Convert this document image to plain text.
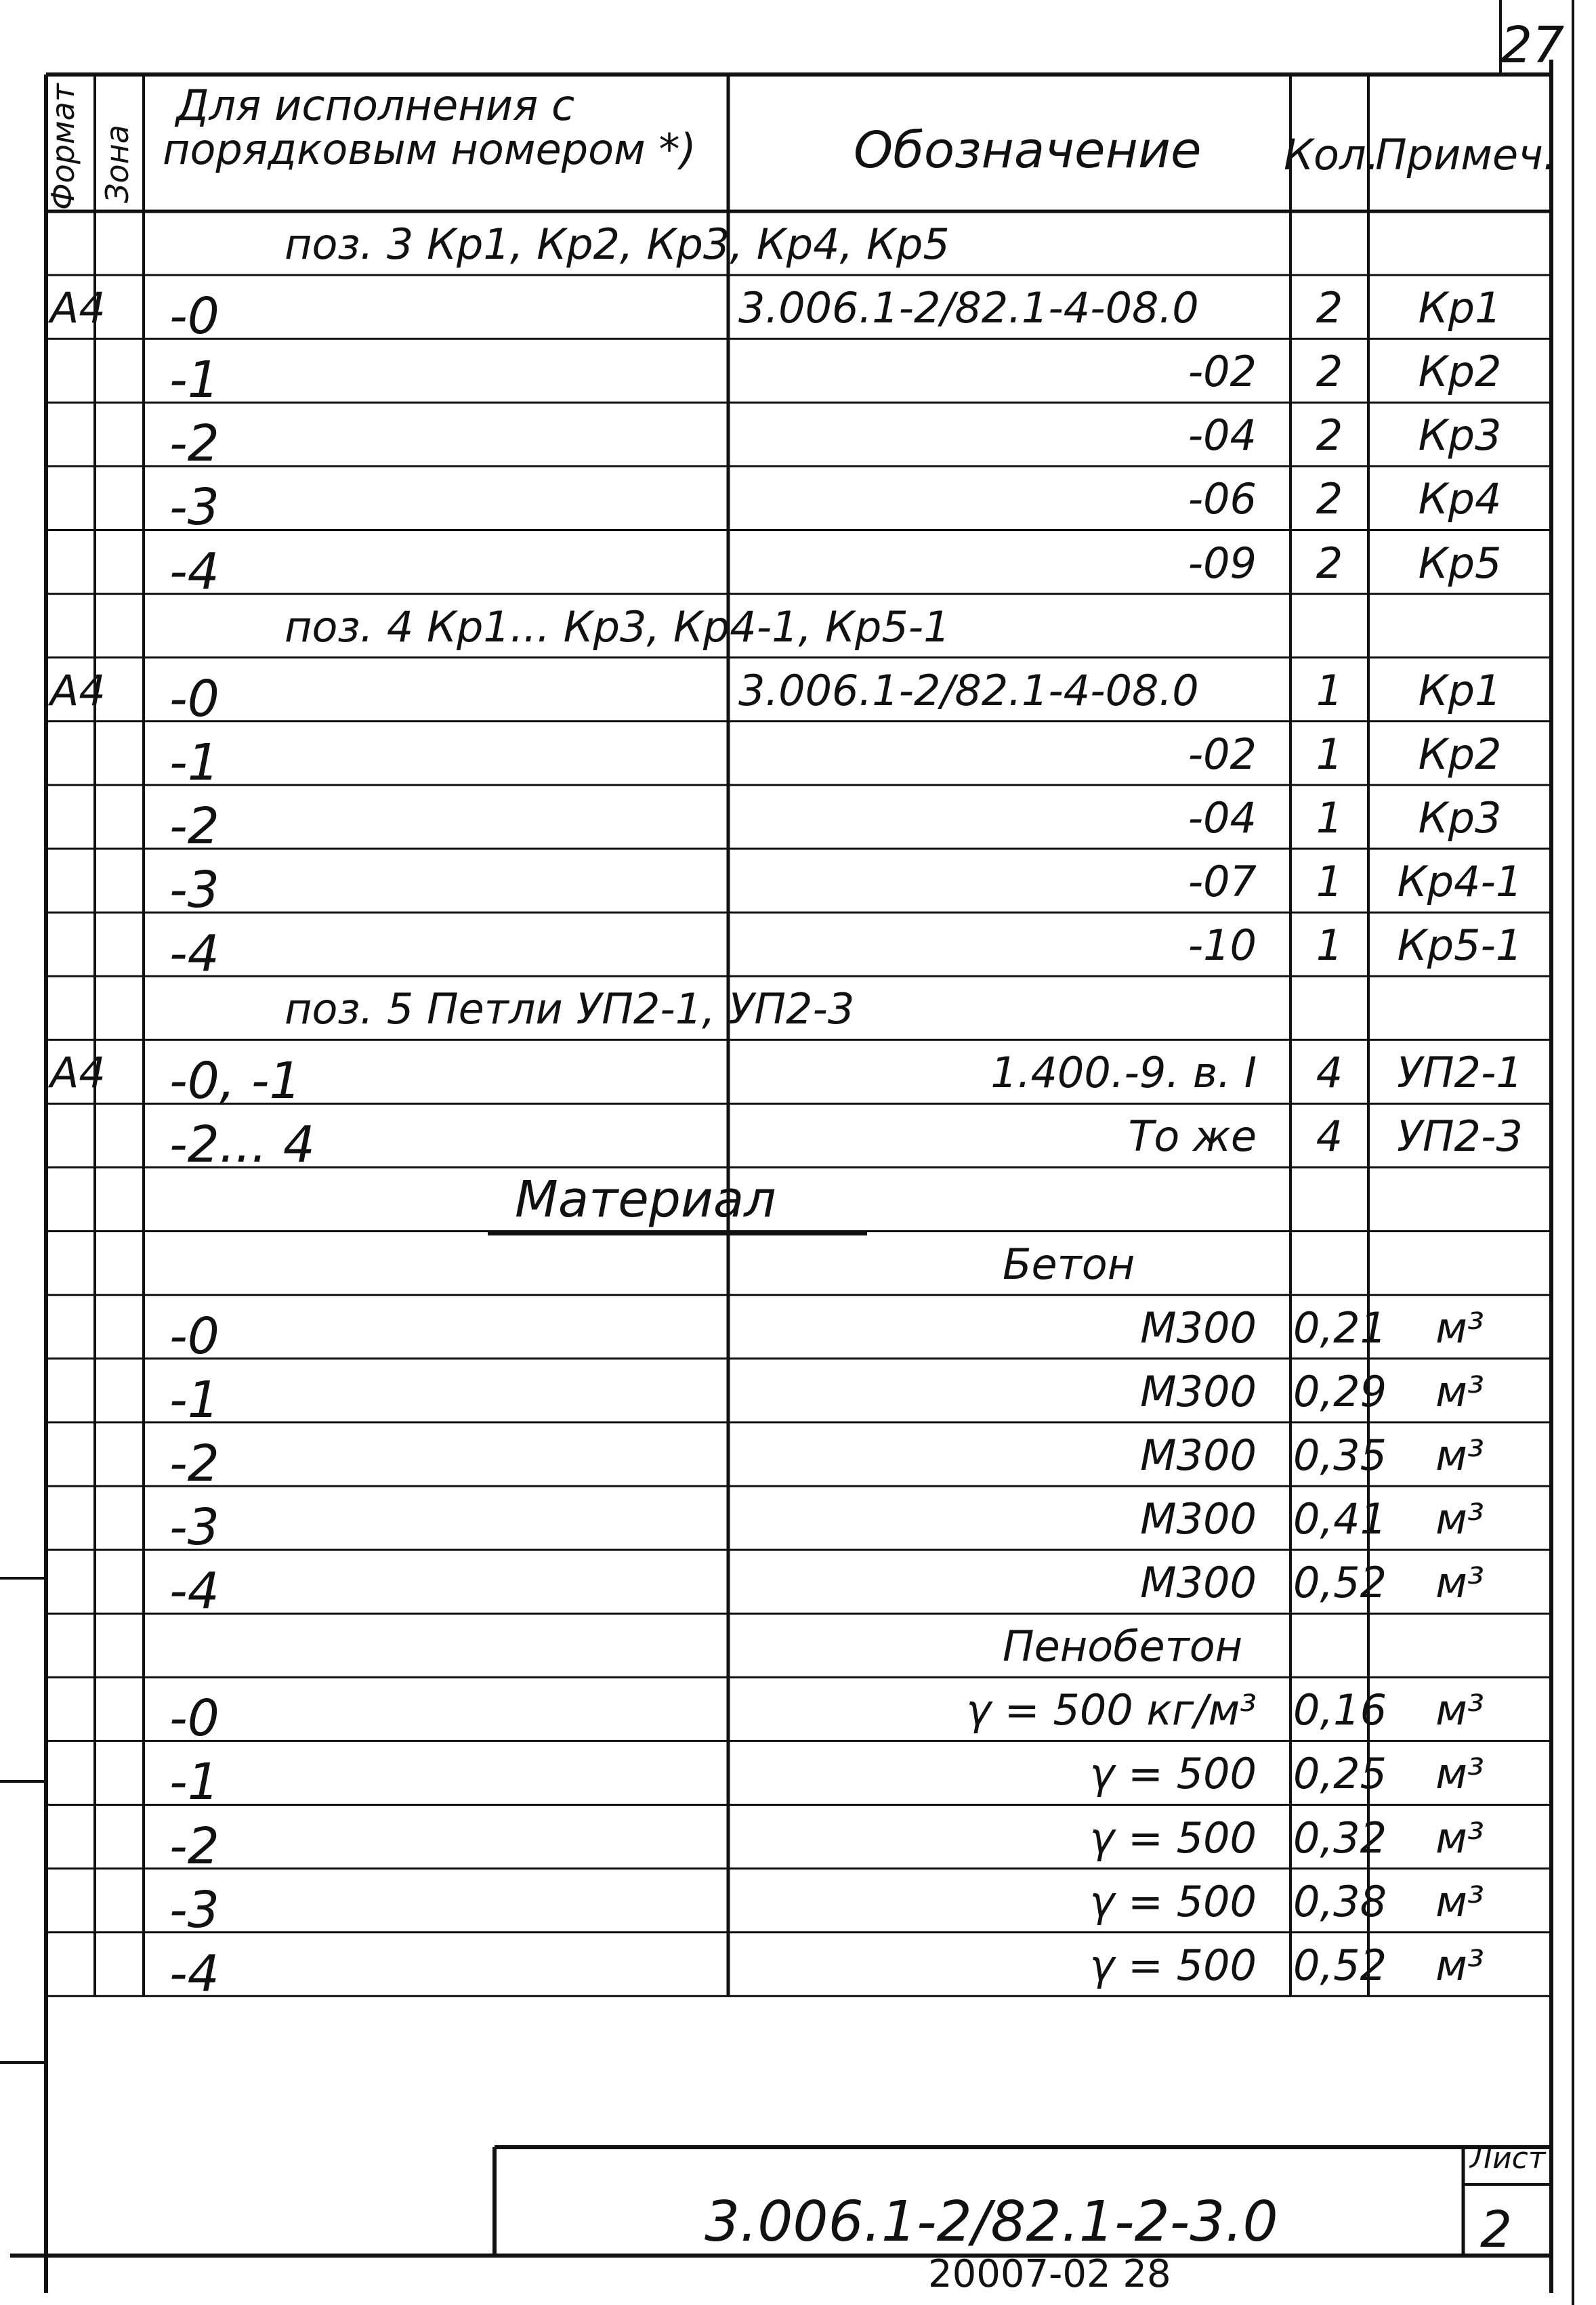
27
Формат Зона
Для исполнения с
порядковым номером *)	Обозначение Кол.
Примеч.
поз. 3 Кр1, Кр2, Кр3, Кр4, Кр5
А4 -0	3.006.1-2/82.1-4-08.0	2	Кр1
-1	-02	2	Кр2
-2	-04	2	Кр3
-3	-06	2	Кр4
-4	-09	2	Кр5
поз. 4 Кр1... Кр3, Кр4-1, Кр5-1
А4 -0	3.006.1-2/82.1-4-08.0	1	Кр1
-1	-02	1	Кр2
-2	-04	1	Кр3
-3	-07	1	Кр4-1
-4	-10	1	Кр5-1
поз. 5 Петли УП2-1, УП2-3
А4 -0, -1	1.400.-9. в. I	4	УП2-1
-2... 4	То же	4	УП2-3
Материал
Бетон
-0	М300 0,21	м³
-1	М300 0,29	м³
-2	М300 0,35	м³
-3	М300 0,41	м³
-4	М300 0,52	м³
Пенобетон
-0	γ = 500 кг/м³ 0,16	м³
-1	γ = 500 0,25	м³
-2	γ = 500 0,32	м³
-3	γ = 500 0,38	м³
-4	γ = 500 0,52	м³
3.006.1-2/82.1-2-3.0
Лист
2
20007-02 28
